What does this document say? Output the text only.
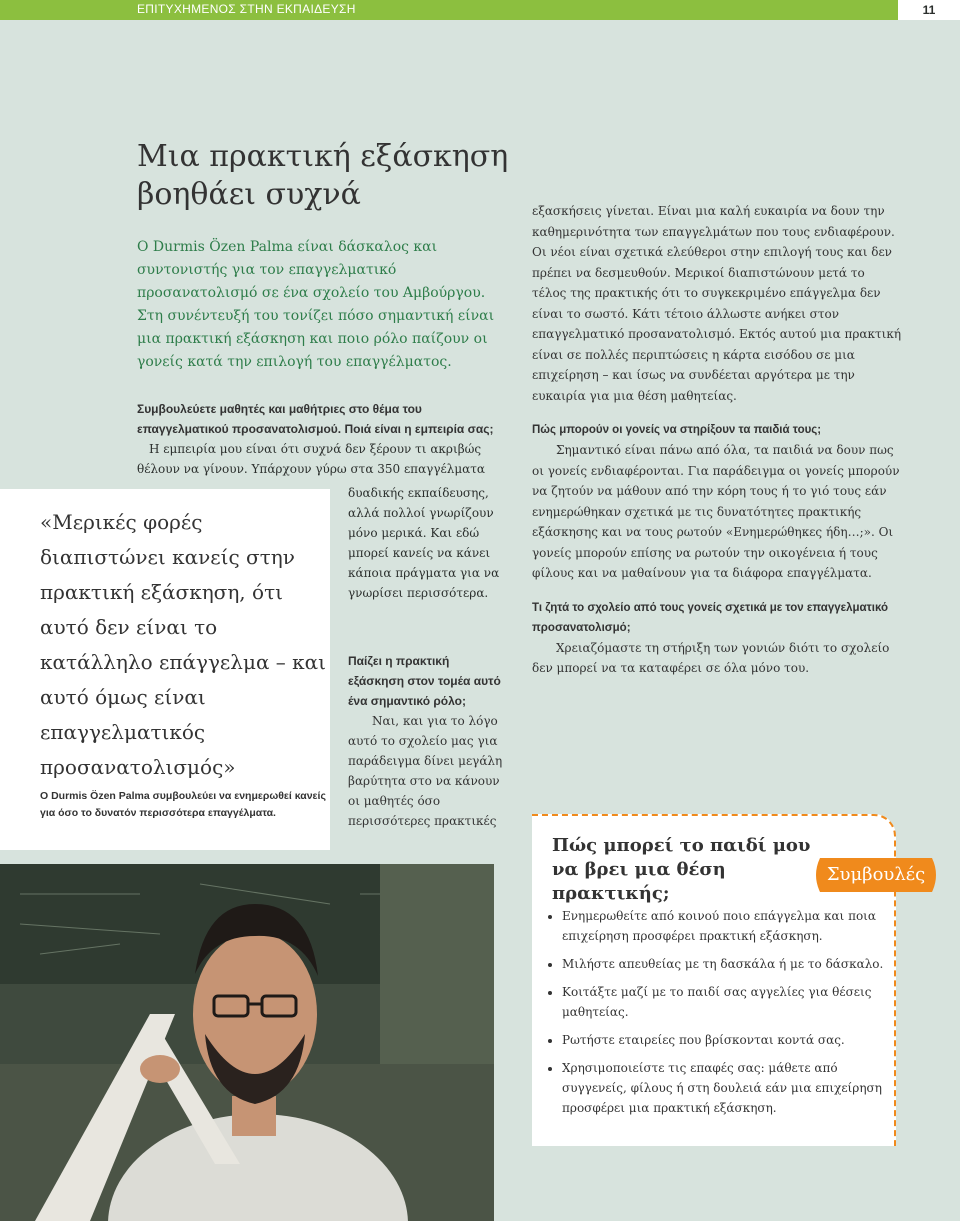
ΕΠΙΤΥΧΗΜΕΝΟΣ ΣΤΗΝ ΕΚΠΑΙΔΕΥΣΗ	11
Μια πρακτική εξάσκηση
βοηθάει συχνά
Ο Durmis Özen Palma είναι δάσκαλος και συντονιστής για τον επαγγελματικό προσανατολισμό σε ένα σχολείο του Αμβούργου. Στη συνέντευξή του τονίζει πόσο σημαντική είναι μια πρακτική εξάσκηση και ποιο ρόλο παίζουν οι γονείς κατά την επιλογή του επαγγέλματος.

Συμβουλεύετε μαθητές και μαθήτριες στο θέμα του επαγγελματικού προσανατολισμού. Ποιά είναι η εμπειρία σας;

Η εμπειρία μου είναι ότι συχνά δεν ξέρουν τι ακριβώς θέλουν να γίνουν. Υπάρχουν γύρω στα 350 επαγγέλματα

δυαδικής εκπαίδευσης, αλλά πολλοί γνωρίζουν μόνο μερικά. Και εδώ μπορεί κανείς να κάνει κάποια πράγματα για να γνωρίσει περισσότερα.

Παίζει η πρακτική εξάσκηση στον τομέα αυτό ένα σημαντικό ρόλο;

Ναι, και για το λόγο αυτό το σχολείο μας για παράδειγμα δίνει μεγάλη βαρύτητα στο να κάνουν οι μαθητές όσο περισσότερες πρακτικές

«Μερικές φορές διαπιστώνει κανείς στην πρακτική εξάσκηση, ότι αυτό δεν είναι το κατάλληλο επάγγελμα – και αυτό όμως είναι επαγγελματικός προσανατολισμός»
Ο Durmis Özen Palma συμβουλεύει να ενημερωθεί κανείς για όσο το δυνατόν περισσότερα επαγγέλματα.

εξασκήσεις γίνεται. Είναι μια καλή ευκαιρία να δουν την καθημερινότητα των επαγγελμάτων που τους ενδιαφέρουν. Οι νέοι είναι σχετικά ελεύθεροι στην επιλογή τους και δεν πρέπει να δεσμευθούν. Μερικοί διαπιστώνουν μετά το τέλος της πρακτικής ότι το συγκεκριμένο επάγγελμα δεν είναι το σωστό. Κάτι τέτοιο άλλωστε ανήκει στον επαγγελματικό προσανατολισμό. Εκτός αυτού μια πρακτική είναι σε πολλές περιπτώσεις η κάρτα εισόδου σε μια επιχείρηση – και ίσως να συνδέεται αργότερα με την ευκαιρία για μια θέση μαθητείας.

Πώς μπορούν οι γονείς να στηρίξουν τα παιδιά τους;

Σημαντικό είναι πάνω από όλα, τα παιδιά να δουν πως οι γονείς ενδιαφέρονται. Για παράδειγμα οι γονείς μπορούν να ζητούν να μάθουν από την κόρη τους ή το γιό τους εάν ενημερώθηκαν σχετικά με τις δυνατότητες πρακτικής εξάσκησης και να τους ρωτούν «Ενημερώθηκες ήδη…;». Οι γονείς μπορούν επίσης να ρωτούν την οικογένεια ή τους φίλους και να μαθαίνουν για τα διάφορα επαγγέλματα.

Τι ζητά το σχολείο από τους γονείς σχετικά με τον επαγγελματικό προσανατολισμό;

Χρειαζόμαστε τη στήριξη των γονιών διότι το σχολείο δεν μπορεί να τα καταφέρει σε όλα μόνο του.

Πώς μπορεί το παιδί μου να βρει μια θέση πρακτικής;
Συμβουλές
• Ενημερωθείτε από κοινού ποιο επάγγελμα και ποια επιχείρηση προσφέρει πρακτική εξάσκηση.
• Μιλήστε απευθείας με τη δασκάλα ή με το δάσκαλο.
• Κοιτάξτε μαζί με το παιδί σας αγγελίες για θέσεις μαθητείας.
• Ρωτήστε εταιρείες που βρίσκονται κοντά σας.
• Χρησιμοποιείστε τις επαφές σας: μάθετε από συγγενείς, φίλους ή στη δουλειά εάν μια επιχείρηση προσφέρει μια πρακτική εξάσκηση.
